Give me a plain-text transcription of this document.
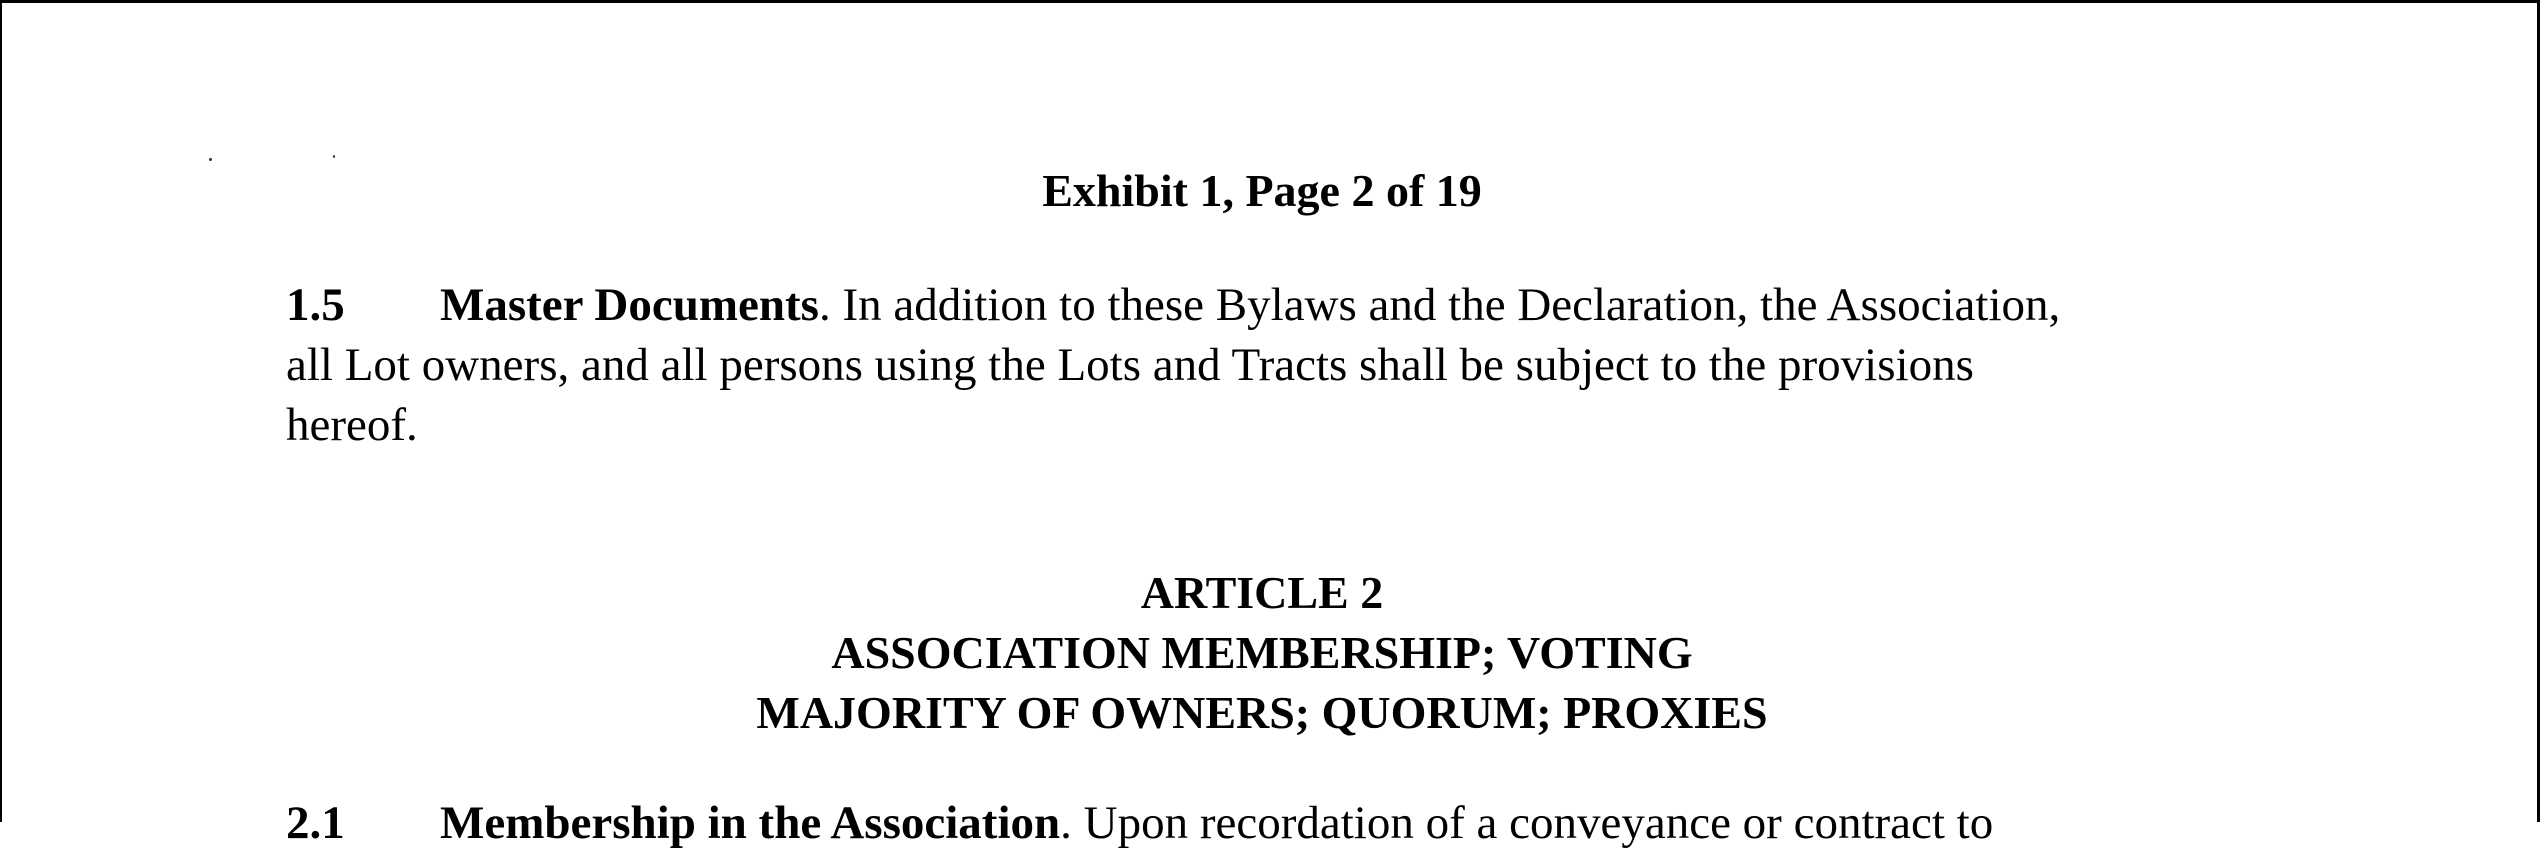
Exhibit 1, Page 2 of 19
1.5 Master Documents. In addition to these Bylaws and the Declaration, the Association,
all Lot owners, and all persons using the Lots and Tracts shall be subject to the provisions
hereof.
ARTICLE 2
ASSOCIATION MEMBERSHIP; VOTING
MAJORITY OF OWNERS; QUORUM; PROXIES
2.1 Membership in the Association. Upon recordation of a conveyance or contract to
